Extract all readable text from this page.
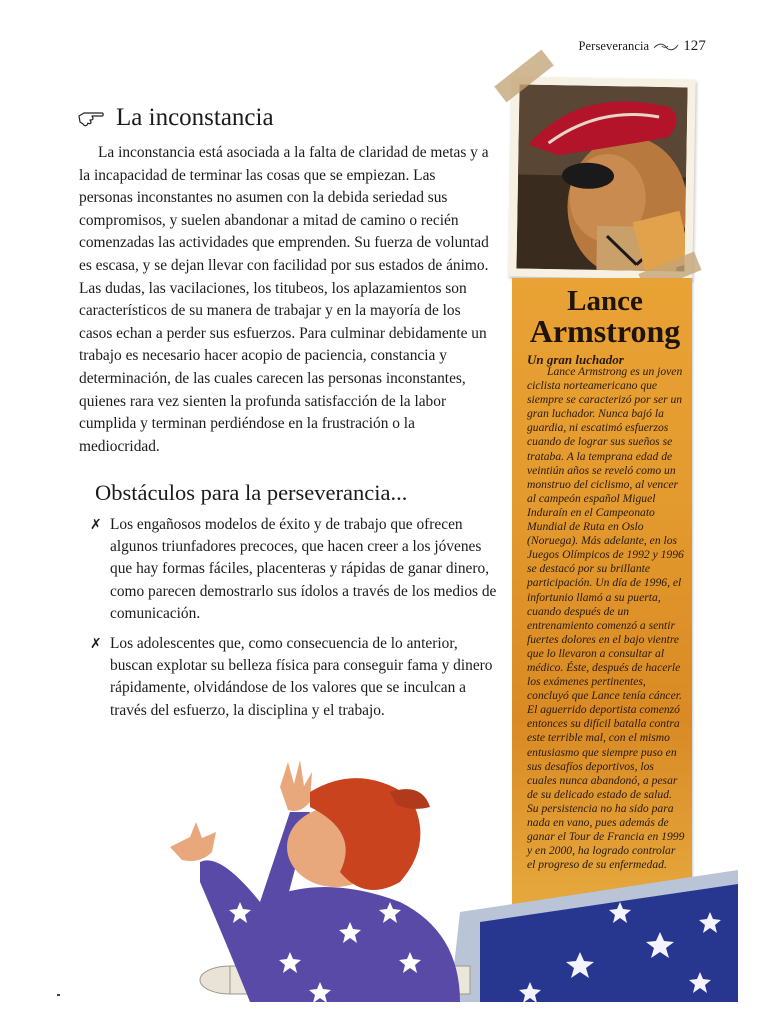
Perseverancia 127
La inconstancia

La inconstancia está asociada a la falta de claridad de metas y a la incapacidad de terminar las cosas que se empiezan. Las personas inconstantes no asumen con la debida seriedad sus compromisos, y suelen abandonar a mitad de camino o recién comenzadas las actividades que emprenden. Su fuerza de voluntad es escasa, y se dejan llevar con facilidad por sus estados de ánimo. Las dudas, las vacilaciones, los titubeos, los aplazamientos son característicos de su manera de trabajar y en la mayoría de los casos echan a perder sus esfuerzos. Para culminar debidamente un trabajo es necesario hacer acopio de paciencia, constancia y determinación, de las cuales carecen las personas inconstantes, quienes rara vez sienten la profunda satisfacción de la labor cumplida y terminan perdiéndose en la frustración o la mediocridad.

Obstáculos para la perseverancia...
✗ Los engañosos modelos de éxito y de trabajo que ofrecen algunos triunfadores precoces, que hacen creer a los jóvenes que hay formas fáciles, placenteras y rápidas de ganar dinero, como parecen demostrarlo sus ídolos a través de los medios de comunicación.
✗ Los adolescentes que, como consecuencia de lo anterior, buscan explotar su belleza física para conseguir fama y dinero rápidamente, olvidándose de los valores que se inculcan a través del esfuerzo, la disciplina y el trabajo.
Lance
Armstrong

Un gran luchador

Lance Armstrong es un joven ciclista norteamericano que siempre se caracterizó por ser un gran luchador. Nunca bajó la guardia, ni escatimó esfuerzos cuando de lograr sus sueños se trataba. A la temprana edad de veintiún años se reveló como un monstruo del ciclismo, al vencer al campeón español Miguel Induraín en el Campeonato Mundial de Ruta en Oslo (Noruega). Más adelante, en los Juegos Olímpicos de 1992 y 1996 se destacó por su brillante participación. Un día de 1996, el infortunio llamó a su puerta, cuando después de un entrenamiento comenzó a sentir fuertes dolores en el bajo vientre que lo llevaron a consultar al médico. Éste, después de hacerle los exámenes pertinentes, concluyó que Lance tenía cáncer. El aguerrido deportista comenzó entonces su difícil batalla contra este terrible mal, con el mismo entusiasmo que siempre puso en sus desafíos deportivos, los cuales nunca abandonó, a pesar de su delicado estado de salud. Su persistencia no ha sido para nada en vano, pues además de ganar el Tour de Francia en 1999 y en 2000, ha logrado controlar el progreso de su enfermedad.
